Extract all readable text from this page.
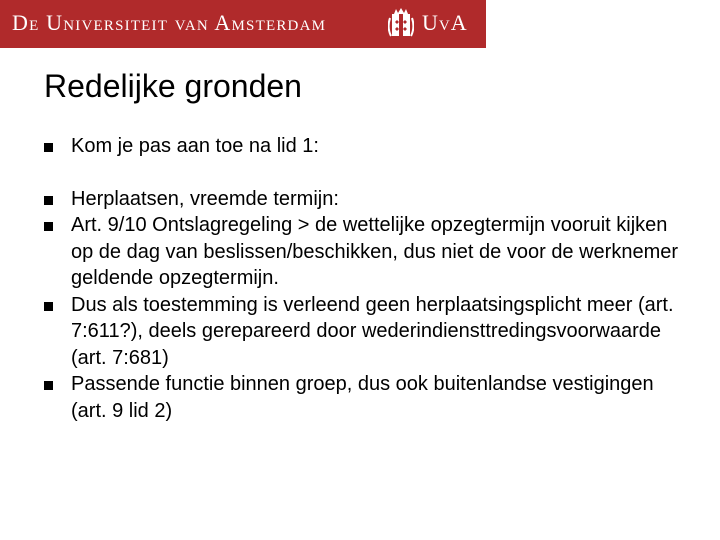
De Universiteit van Amsterdam	UvA
Redelijke gronden
Kom je pas aan toe na lid 1:
Herplaatsen, vreemde termijn:
Art. 9/10 Ontslagregeling > de wettelijke opzegtermijn vooruit kijken op de dag van beslissen/beschikken, dus niet de voor de werknemer geldende opzegtermijn.
Dus als toestemming is verleend geen herplaatsingsplicht meer (art. 7:611?), deels gerepareerd door wederindiensttredingsvoorwaarde (art. 7:681)
Passende functie binnen groep, dus ook buitenlandse vestigingen (art. 9 lid 2)
